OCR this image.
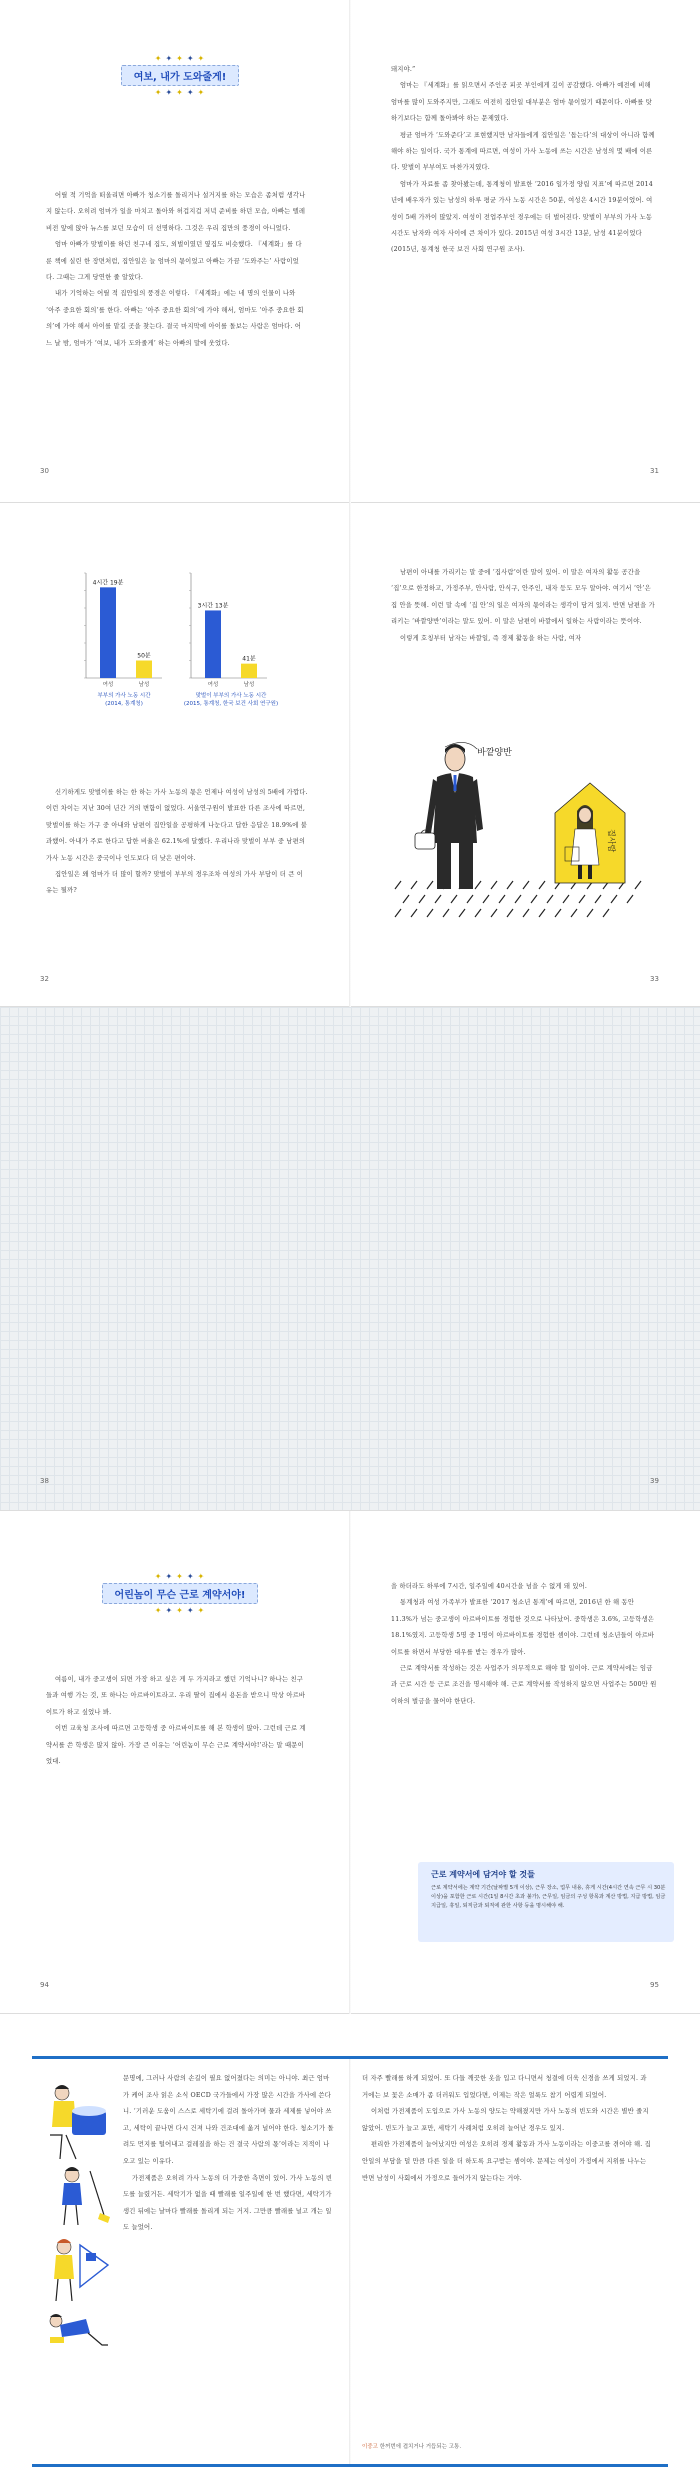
✦ ✦ ✦ ✦ ✦
여보, 내가 도와줄게!
✦ ✦ ✦ ✦ ✦

어릴 적 기억을 떠올리면 아빠가 청소기를 돌리거나 설거지를 하는 모습은 좀처럼 생각나지 않는다. 오히려 엄마가 일을 마치고 돌아와 허겁지겁 저녁 준비를 하던 모습, 아빠는 텔레비전 앞에 앉아 뉴스를 보던 모습이 더 선명하다. 그것은 우리 집만의 풍경이 아니었다.

엄마 아빠가 맞벌이를 하던 친구네 집도, 외벌이였던 옆집도 비슷했다. 『세계화』를 다룬 책에 실린 한 장면처럼, 집안일은 늘 엄마의 몫이었고 아빠는 가끔 ‘도와주는’ 사람이었다. 그때는 그게 당연한 줄 알았다.

내가 기억하는 어릴 적 집안일의 풍경은 이렇다. 『세계화』에는 네 명의 인물이 나와 ‘아주 중요한 회의’를 한다. 아빠는 ‘아주 중요한 회의’에 가야 해서, 엄마도 ‘아주 중요한 회의’에 가야 해서 아이를 맡길 곳을 찾는다. 결국 마지막에 아이를 돌보는 사람은 엄마다. 어느 날 밤, 엄마가 ‘여보, 내가 도와줄게’ 하는 아빠의 말에 웃었다.

돼지야.”

엄마는 『세계화』를 읽으면서 주인공 피곳 부인에게 깊이 공감했다. 아빠가 예전에 비해 엄마를 많이 도와주지만, 그래도 여전히 집안일 대부분은 엄마 몫이었기 때문이다. 아빠를 탓하기보다는 함께 돌아봐야 하는 문제였다.

평균 엄마가 ‘도와준다’고 표현했지만 남자들에게 집안일은 ‘돕는다’의 대상이 아니라 함께 해야 하는 일이다. 국가 통계에 따르면, 여성이 가사 노동에 쓰는 시간은 남성의 몇 배에 이른다. 맞벌이 부부여도 마찬가지였다.

엄마가 자료를 좀 찾아봤는데, 통계청이 발표한 ‘2016 일가정 양립 지표’에 따르면 2014년에 배우자가 있는 남성의 하루 평균 가사 노동 시간은 50분, 여성은 4시간 19분이었어. 여성이 5배 가까이 많았지. 여성이 전업주부인 경우에는 더 벌어진다. 맞벌이 부부의 가사 노동 시간도 남자와 여자 사이에 큰 차이가 있다. 2015년 여성 3시간 13분, 남성 41분이었다(2015년, 통계청 한국 보건 사회 연구원 조사).

30	31
4시간 19분
여성
50분
남성
부부의 가사 노동 시간
(2014, 통계청)
3시간 13분
여성
41분
남성
맞벌이 부부의 가사 노동 시간
(2015, 통계청, 한국 보건 사회 연구원)

신기하게도 맞벌이를 하는 한 하는 가사 노동의 몫은 언제나 여성이 남성의 5배에 가깝다. 이런 차이는 지난 30여 년간 거의 변함이 없었다. 서울연구원이 발표한 다른 조사에 따르면, 맞벌이를 하는 가구 중 아내와 남편이 집안일을 공평하게 나눈다고 답한 응답은 18.9%에 불과했어. 아내가 주로 한다고 답한 비율은 62.1%에 달했다. 우리나라 맞벌이 부부 중 남편의 가사 노동 시간은 중국이나 인도보다 더 낮은 편이야.

집안일은 왜 엄마가 더 많이 할까? 맞벌이 부부의 경우조차 여성의 가사 부담이 더 큰 이유는 뭘까?

남편이 아내를 가리키는 말 중에 ‘집사람’이란 말이 있어. 이 말은 여자의 활동 공간을 ‘집’으로 한정하고, 가정주부, 안사람, 안식구, 안주인, 내자 등도 모두 알아야. 여기서 ‘안’은 집 안을 뜻해. 이런 말 속에 ‘집 안’의 일은 여자의 몫이라는 생각이 담겨 있지. 반면 남편을 가리키는 ‘바깥양반’이라는 말도 있어. 이 말은 남편이 바깥에서 일하는 사람이라는 뜻이야.

이렇게 호칭부터 남자는 바깥일, 즉 경제 활동을 하는 사람, 여자

바깥양반
집사람
32	33

문명에, 그러나 사람의 손길이 필요 없어졌다는 의미는 아니야. 최근 엄마가 케어 조사 읽은 소식 OECD 국가들에서 가장 많은 시간을 가사에 쓴다니. ‘기러운 도움이 스스로 세탁기에 걸려 돌아가며 물과 세제를 넣어야 쓰고, 세탁이 끝나면 다시 건져 나와 건조대에 옮겨 널어야 한다. 청소기가 돌려도 먼지를 털어내고 걸레질을 하는 건 결국 사람의 몫’이라는 지적이 나오고 있는 이유다.

가전제품은 오히려 가사 노동의 더 가중한 측면이 있어. 가사 노동의 빈도를 늘렸거든. 세탁기가 없을 때 빨래를 일주일에 한 번 했다면, 세탁기가 생긴 뒤에는 날마다 빨래를 돌리게 되는 거지. 그만큼 빨래를 널고 개는 일도 늘었어.

더 자주 빨래를 하게 되었어. 또 다들 깨끗한 옷을 입고 다니면서 청결에 더욱 신경을 쓰게 되었지. 과거에는 보 꽃은 소매가 좀 더러워도 입었다면, 이제는 작은 얼룩도 참기 어렵게 되었어.

이처럼 가전제품이 도입으로 가사 노동의 양도는 약해졌지만 가사 노동의 빈도와 시간은 별반 줄지 않았어. 빈도가 늘고 포만, 세탁기 사례처럼 오히려 늘어난 경우도 있지.

편리한 가전제품이 늘어났지만 여성은 오히려 경제 활동과 가사 노동이라는 이중고를 겪어야 해. 집안일의 부담을 덜 만큼 다른 일을 더 하도록 요구받는 셈이야. 문제는 여성이 가정에서 지위를 나누는 반면 남성이 사회에서 가정으로 들어가지 않는다는 거야.

이중고 한꺼번에 겹치거나 거듭되는 고통.
38	39
✦ ✦ ✦ ✦ ✦
어린놈이 무슨 근로 계약서야!
✦ ✦ ✦ ✦ ✦

여름이, 내가 중고생이 되면 가장 하고 싶은 게 두 가지라고 했던 기억나니? 하나는 친구들과 여행 가는 것, 또 하나는 아르바이트라고. 우리 딸이 집에서 용돈을 받으니 막상 아르바이트가 하고 싶었나 봐.

이번 교육청 조사에 따르면 고등학생 중 아르바이트를 해 본 학생이 많아. 그런데 근로 계약서를 쓴 학생은 많지 않아. 가장 큰 이유는 ‘어린놈이 무슨 근로 계약서야!’라는 말 때문이었대.

을 하더라도 하루에 7시간, 일주일에 40시간을 넘을 수 없게 돼 있어.

통계청과 여성 가족부가 발표한 ‘2017 청소년 통계’에 따르면, 2016년 한 해 동안 11.3%가 넘는 중고생이 아르바이트를 경험한 것으로 나타났어. 중학생은 3.6%, 고등학생은 18.1%였지. 고등학생 5명 중 1명이 아르바이트를 경험한 셈이야. 그런데 청소년들이 아르바이트를 하면서 부당한 대우를 받는 경우가 많아.

근로 계약서를 작성하는 것은 사업주가 의무적으로 해야 할 일이야. 근로 계약서에는 임금과 근로 시간 등 근로 조건을 명시해야 해. 근로 계약서를 작성하지 않으면 사업주는 500만 원 이하의 벌금을 물어야 한단다.

근로 계약서에 담겨야 할 것들
근로 계약서에는 계약 기간(날짜별 5개 이상), 근무 장소, 업무 내용, 휴게 시간(4시간 연속 근무 시 30분 이상)을 포함한 근로 시간(1일 8시간 초과 불가), 근무일, 임금의 구성 항목과 계산 방법, 지급 방법, 임금 지급일, 휴일, 퇴직금과 퇴직에 관한 사항 등을 명시해야 해.
94	95
